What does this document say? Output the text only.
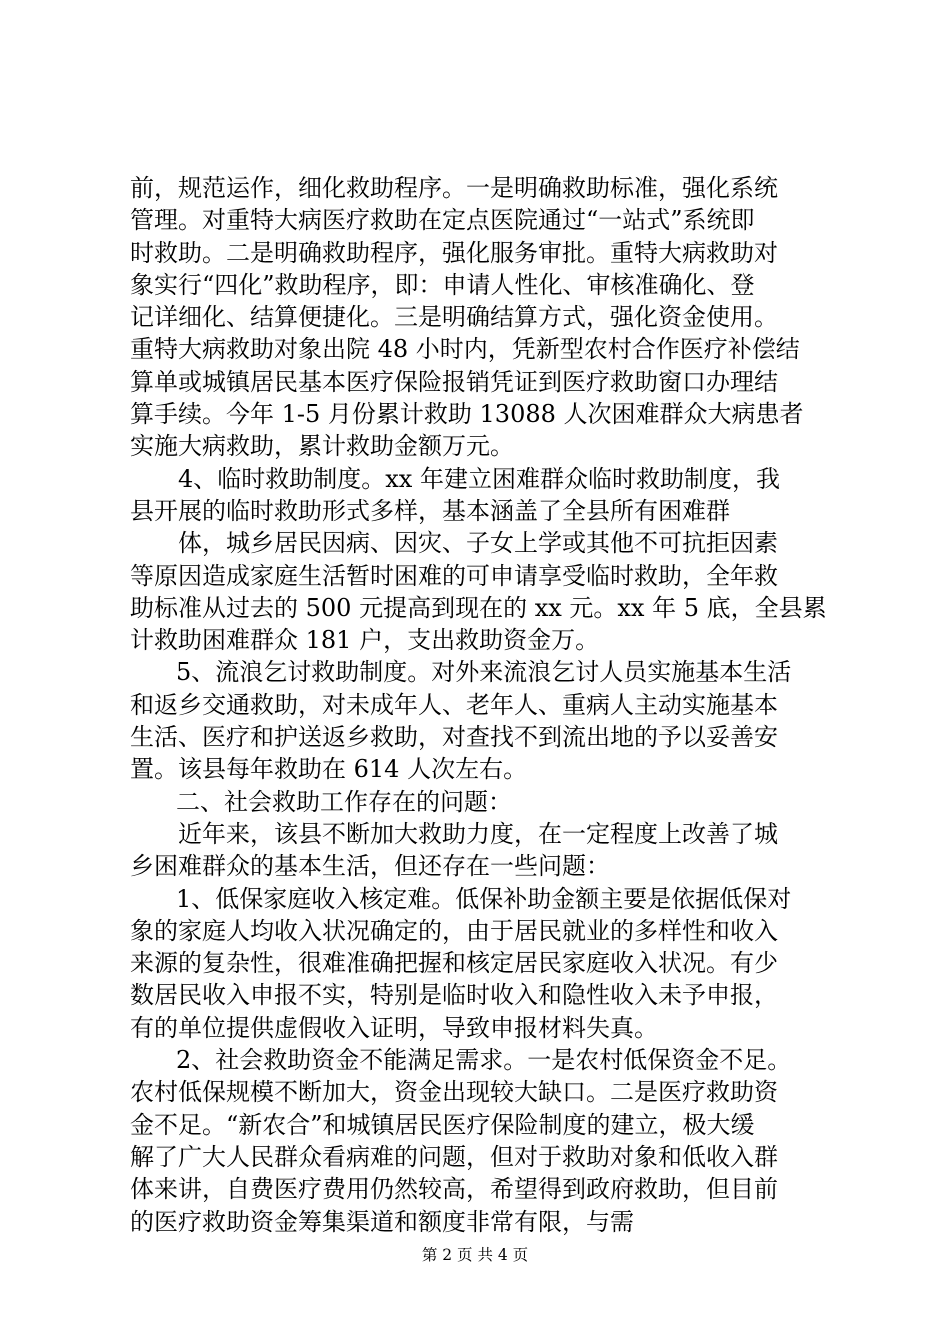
前，规范运作，细化救助程序。一是明确救助标准，强化系统
管理。对重特大病医疗救助在定点医院通过“一站式”系统即
时救助。二是明确救助程序，强化服务审批。重特大病救助对
象实行“四化”救助程序，即：申请人性化、审核准确化、登
记详细化、结算便捷化。三是明确结算方式，强化资金使用。
重特大病救助对象出院 48 小时内，凭新型农村合作医疗补偿结
算单或城镇居民基本医疗保险报销凭证到医疗救助窗口办理结
算手续。今年 1-5 月份累计救助 13088 人次困难群众大病患者
实施大病救助，累计救助金额万元。
4、临时救助制度。xx 年建立困难群众临时救助制度，我
县开展的临时救助形式多样，基本涵盖了全县所有困难群
体，城乡居民因病、因灾、子女上学或其他不可抗拒因素
等原因造成家庭生活暂时困难的可申请享受临时救助，全年救
助标准从过去的 500 元提高到现在的 xx 元。xx 年 5 底，全县累
计救助困难群众 181 户，支出救助资金万。
5、流浪乞讨救助制度。对外来流浪乞讨人员实施基本生活
和返乡交通救助，对未成年人、老年人、重病人主动实施基本
生活、医疗和护送返乡救助，对查找不到流出地的予以妥善安
置。该县每年救助在 614 人次左右。
二、社会救助工作存在的问题：
近年来，该县不断加大救助力度，在一定程度上改善了城
乡困难群众的基本生活，但还存在一些问题：
1、低保家庭收入核定难。低保补助金额主要是依据低保对
象的家庭人均收入状况确定的，由于居民就业的多样性和收入
来源的复杂性，很难准确把握和核定居民家庭收入状况。有少
数居民收入申报不实，特别是临时收入和隐性收入未予申报，
有的单位提供虚假收入证明，导致申报材料失真。
2、社会救助资金不能满足需求。一是农村低保资金不足。
农村低保规模不断加大，资金出现较大缺口。二是医疗救助资
金不足。“新农合”和城镇居民医疗保险制度的建立，极大缓
解了广大人民群众看病难的问题，但对于救助对象和低收入群
体来讲，自费医疗费用仍然较高，希望得到政府救助，但目前
的医疗救助资金筹集渠道和额度非常有限，与需
第 2 页 共 4 页
